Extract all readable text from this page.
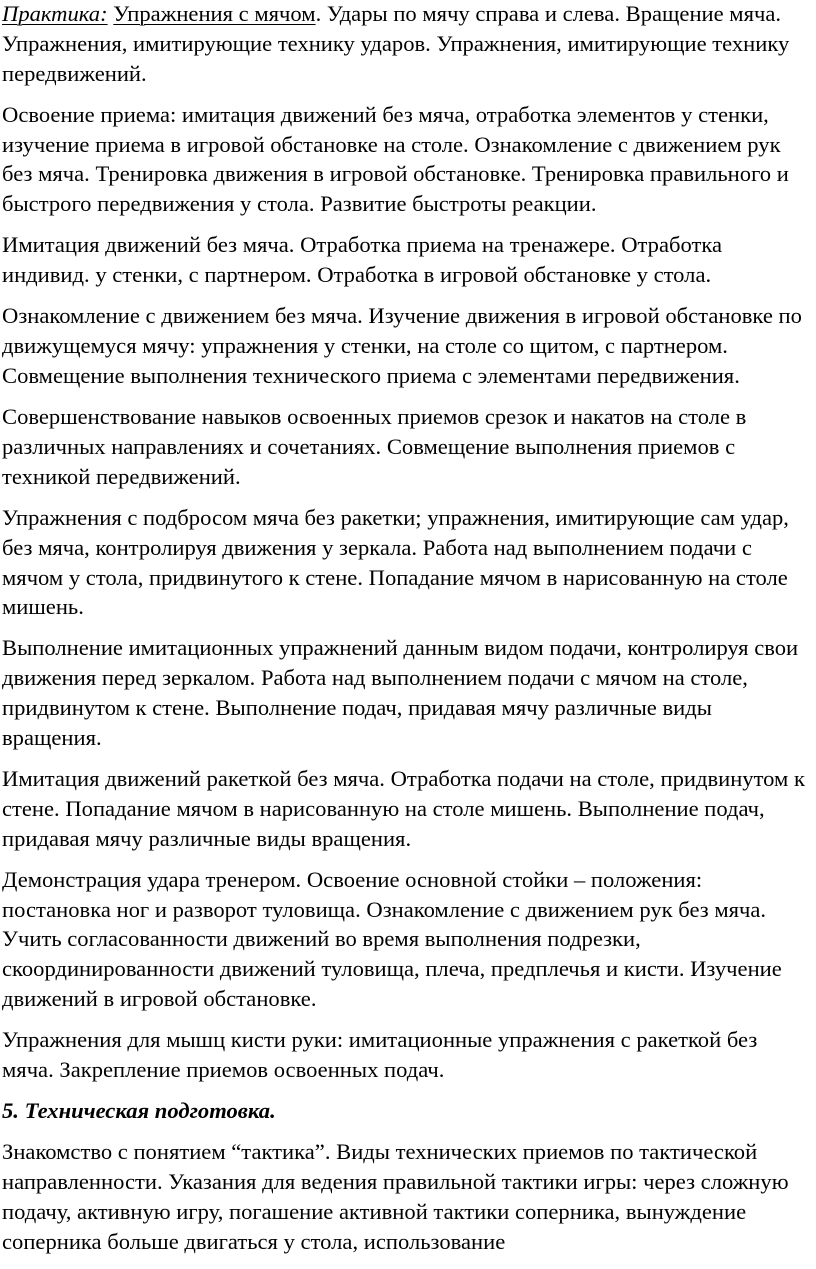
Практика: Упражнения с мячом. Удары по мячу справа и слева. Вращение мяча. Упражнения, имитирующие технику ударов. Упражнения, имитирующие технику передвижений.

Освоение приема: имитация движений без мяча, отработка элементов у стенки, изучение приема в игровой обстановке на столе. Ознакомление с движением рук без мяча. Тренировка движения в игровой обстановке. Тренировка правильного и быстрого передвижения у стола. Развитие быстроты реакции.

Имитация движений без мяча. Отработка приема на тренажере. Отработка индивид. у стенки, с партнером. Отработка в игровой обстановке у стола.

Ознакомление с движением без мяча. Изучение движения в игровой обстановке по движущемуся мячу: упражнения у стенки, на столе со щитом, с партнером. Совмещение выполнения технического приема с элементами передвижения.

Совершенствование навыков освоенных приемов срезок и накатов на столе в различных направлениях и сочетаниях. Совмещение выполнения приемов с техникой передвижений.

Упражнения с подбросом мяча без ракетки; упражнения, имитирующие сам удар, без мяча, контролируя движения у зеркала. Работа над выполнением подачи с мячом у стола, придвинутого к стене. Попадание мячом в нарисованную на столе мишень.

Выполнение имитационных упражнений данным видом подачи, контролируя свои движения перед зеркалом. Работа над выполнением подачи с мячом на столе, придвинутом к стене. Выполнение подач, придавая мячу различные виды вращения.

Имитация движений ракеткой без мяча. Отработка подачи на столе, придвинутом к стене. Попадание мячом в нарисованную на столе мишень. Выполнение подач, придавая мячу различные виды вращения.

Демонстрация удара тренером. Освоение основной стойки – положения: постановка ног и разворот туловища. Ознакомление с движением рук без мяча. Учить согласованности движений во время выполнения подрезки, скоординированности движений туловища, плеча, предплечья и кисти. Изучение движений в игровой обстановке.

Упражнения для мышц кисти руки: имитационные упражнения с ракеткой без мяча. Закрепление приемов освоенных подач.

5. Техническая подготовка.

Знакомство с понятием “тактика”. Виды технических приемов по тактической направленности. Указания для ведения правильной тактики игры: через сложную подачу, активную игру, погашение активной тактики соперника, вынуждение соперника больше двигаться у стола, использование
